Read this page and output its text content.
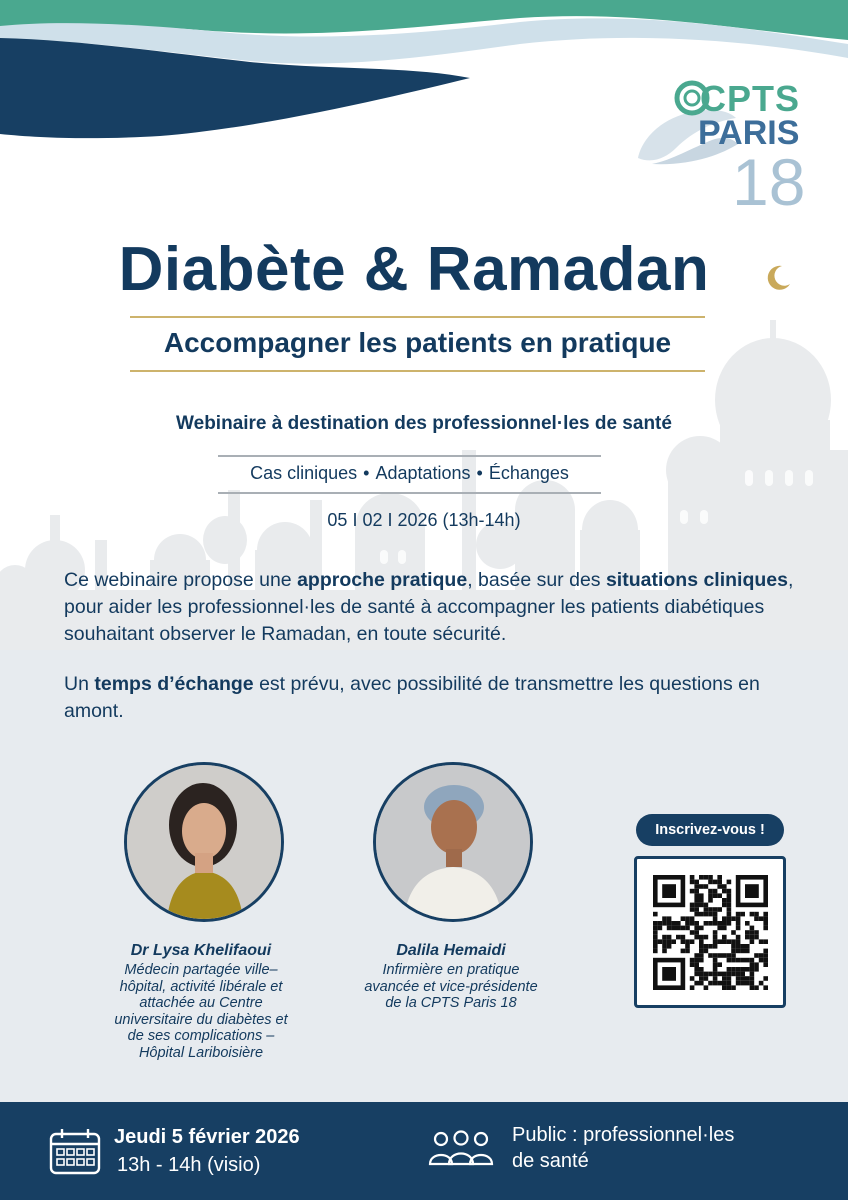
CPTS
PARIS
18
Diabète & Ramadan
Accompagner les patients en pratique
Webinaire à destination des professionnel·les de santé
Cas cliniques • Adaptations • Échanges
05 I 02 I 2026 (13h-14h)
Ce webinaire propose une approche pratique, basée sur des situations cliniques, pour aider les professionnel·les de santé à accompagner les patients diabétiques souhaitant observer le Ramadan, en toute sécurité.
Un temps d’échange est prévu, avec possibilité de transmettre les questions en amont.
Dr Lysa Khelifaoui
Médecin partagée ville–
hôpital, activité libérale et
attachée au Centre
universitaire du diabètes et
de ses complications –
Hôpital Lariboisière
Dalila Hemaidi
Infirmière en pratique
avancée et vice-présidente
de la CPTS Paris 18
Inscrivez-vous !
Jeudi 5 février 2026
13h - 14h (visio)
Public : professionnel·les
de santé
